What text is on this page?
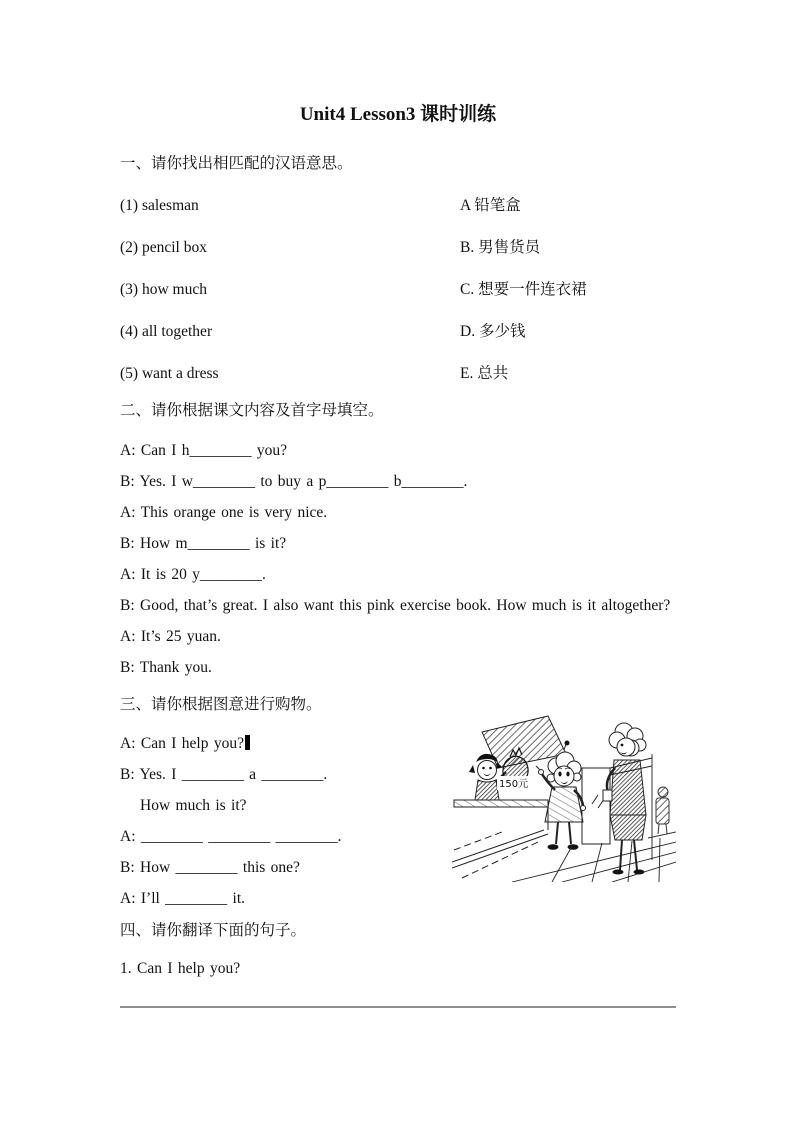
Unit4 Lesson3 课时训练
一、请你找出相匹配的汉语意思。
(1) salesman	A 铅笔盒
(2) pencil box	B. 男售货员
(3) how much	C. 想要一件连衣裙
(4) all together	D. 多少钱
(5) want a dress	E. 总共
二、请你根据课文内容及首字母填空。

A: Can I h________ you?

B: Yes. I w________ to buy a p________ b________.

A: This orange one is very nice.

B: How m________ is it?

A: It is 20 y________.

B: Good, that’s great. I also want this pink exercise book. How much is it altogether?

A: It’s 25 yuan.

B: Thank you.

三、请你根据图意进行购物。

A: Can I help you?

B: Yes. I ________ a ________.

How much is it?

A: ________ ________ ________.

B: How ________ this one?

A: I’ll ________ it.

四、请你翻译下面的句子。

1. Can I help you?

150元
